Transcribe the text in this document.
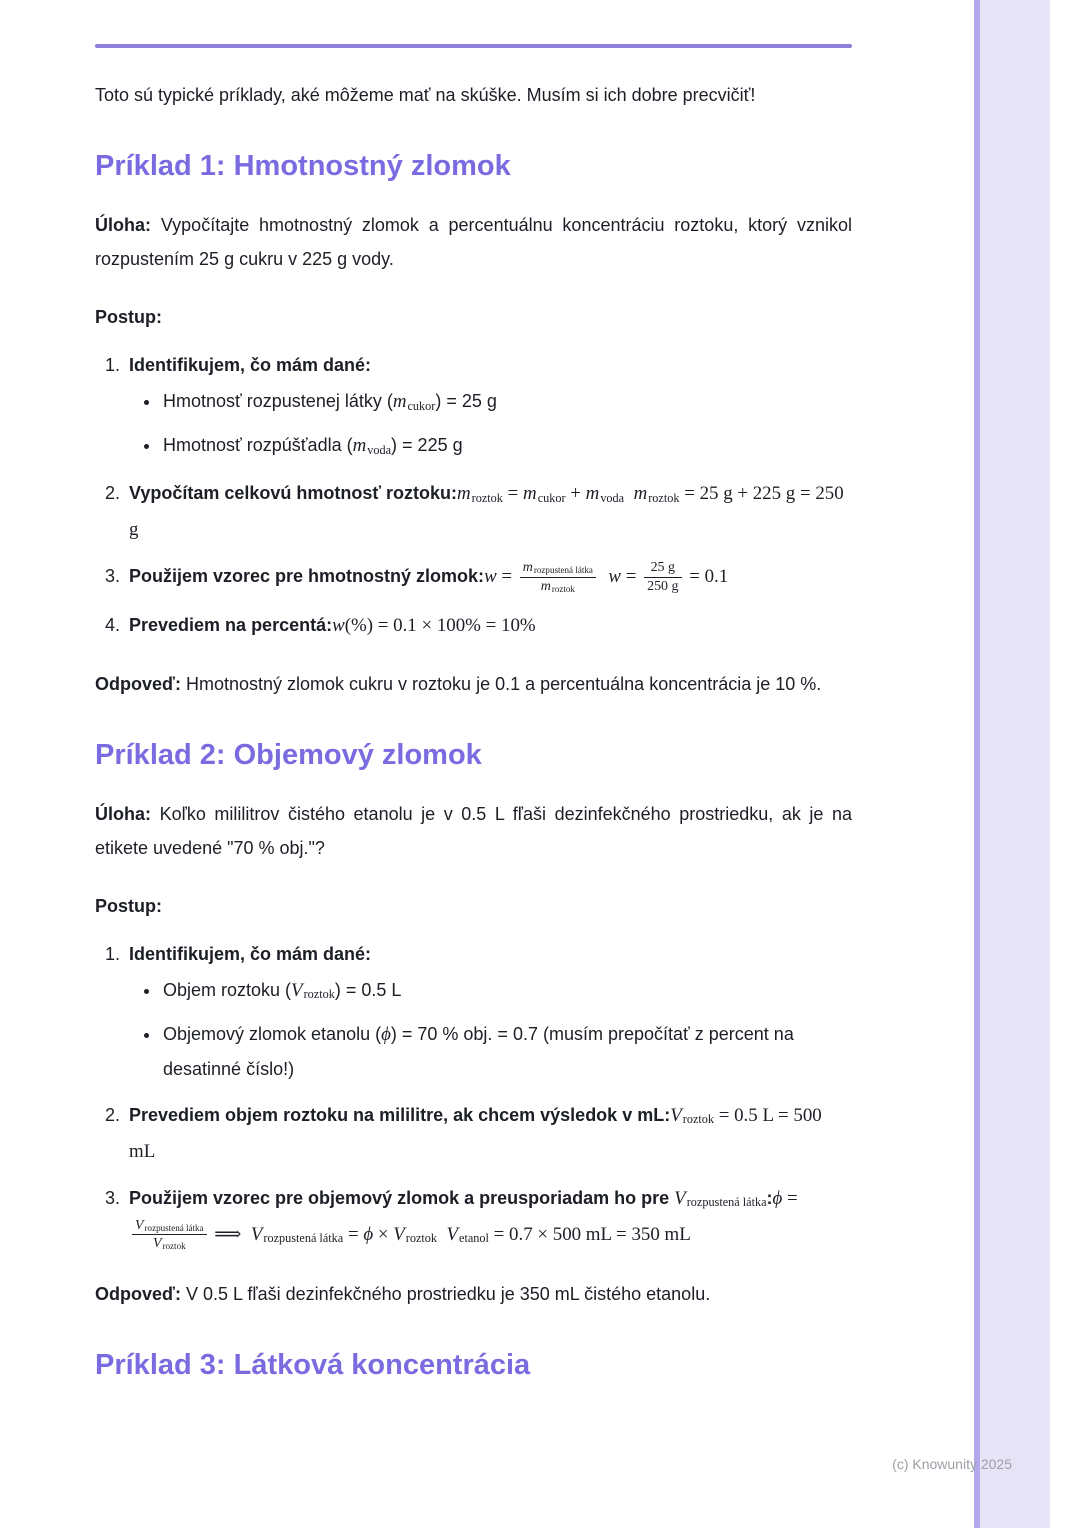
Toto sú typické príklady, aké môžeme mať na skúške. Musím si ich dobre precvičiť!

Príklad 1: Hmotnostný zlomok

Úloha: Vypočítajte hmotnostný zlomok a percentuálnu koncentráciu roztoku, ktorý vznikol rozpustením 25 g cukru v 225 g vody.

Postup:

1. Identifikujem, čo mám dané:
• Hmotnosť rozpustenej látky (mcukor) = 25 g
• Hmotnosť rozpúšťadla (mvoda) = 225 g
2. Vypočítam celkovú hmotnosť roztoku:mroztok = mcukor + mvoda mroztok = 25 g + 225 g = 250 g
3. Použijem vzorec pre hmotnostný zlomok:w = $\frac{\text{mrozpustená látka}}{\text{mroztok}}$ $w = \frac{25 g}{250 g} = 0.1$
4. Prevediem na percentá:w(%) = 0.1 × 100% = 10%

Odpoveď: Hmotnostný zlomok cukru v roztoku je 0.1 a percentuálna koncentrácia je 10 %.

Príklad 2: Objemový zlomok

Úloha: Koľko mililitrov čistého etanolu je v 0.5 L fľaši dezinfekčného prostriedku, ak je na etikete uvedené "70 % obj."?

Postup:

1. Identifikujem, čo mám dané:
• Objem roztoku (Vroztok) = 0.5 L
• Objemový zlomok etanolu (ϕ) = 70 % obj. = 0.7 (musím prepočítať z percent na desatinné číslo!)
2. Prevediem objem roztoku na mililitre, ak chcem výsledok v mL:Vroztok = 0.5 L = 500 mL
3. Použijem vzorec pre objemový zlomok a preusporiadam ho pre Vrozpustená látka:ϕ =
$\frac{\text{Vrozpustená látka}}{\text{Vroztok}}$ ⟹  Vrozpustená látka = ϕ × Vroztok Vetanol = 0.7 × 500 mL = 350 mL

Odpoveď: V 0.5 L fľaši dezinfekčného prostriedku je 350 mL čistého etanolu.

Príklad 3: Látková koncentrácia
(c) Knowunity 2025
